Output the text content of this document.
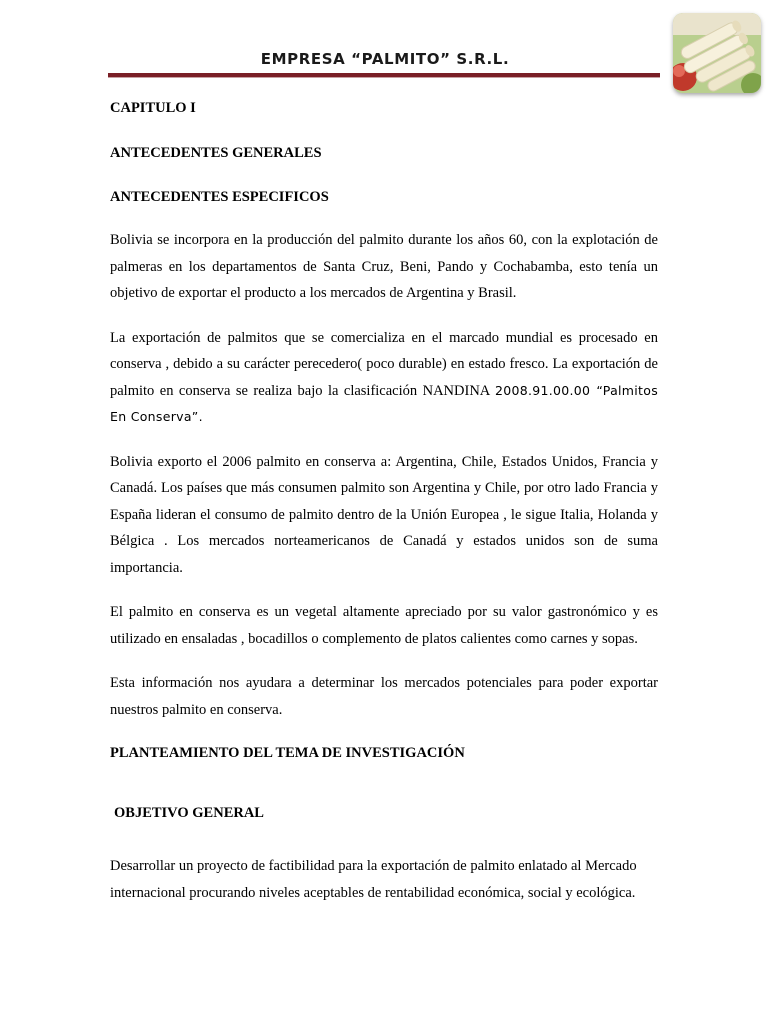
EMPRESA “PALMITO” S.R.L.

CAPITULO I

ANTECEDENTES GENERALES

ANTECEDENTES ESPECIFICOS

Bolivia se incorpora en la producción del palmito durante los años 60, con la explotación de palmeras en los departamentos de Santa Cruz, Beni, Pando y Cochabamba, esto tenía un objetivo de exportar el producto a los mercados de Argentina y Brasil.

La exportación de palmitos que se comercializa en el marcado mundial es procesado en conserva , debido a su carácter perecedero( poco durable) en estado fresco. La exportación de palmito en conserva se realiza bajo la clasificación NANDINA 2008.91.00.00 “Palmitos En Conserva”.

Bolivia exporto el 2006 palmito en conserva a: Argentina, Chile, Estados Unidos, Francia y Canadá. Los países que más consumen palmito son Argentina y Chile, por otro lado Francia y España lideran el consumo de palmito dentro de la Unión Europea , le sigue Italia, Holanda y Bélgica . Los mercados norteamericanos de Canadá y estados unidos son de suma importancia.

El palmito en conserva es un vegetal altamente apreciado por su valor gastronómico y es utilizado en ensaladas , bocadillos o complemento de platos calientes como carnes y sopas.

Esta información nos ayudara a determinar los mercados potenciales para poder exportar nuestros palmito en conserva.

PLANTEAMIENTO DEL TEMA DE INVESTIGACIÓN

OBJETIVO GENERAL

Desarrollar un proyecto de factibilidad para la exportación de palmito enlatado al Mercado internacional procurando niveles aceptables de rentabilidad económica, social y ecológica.
